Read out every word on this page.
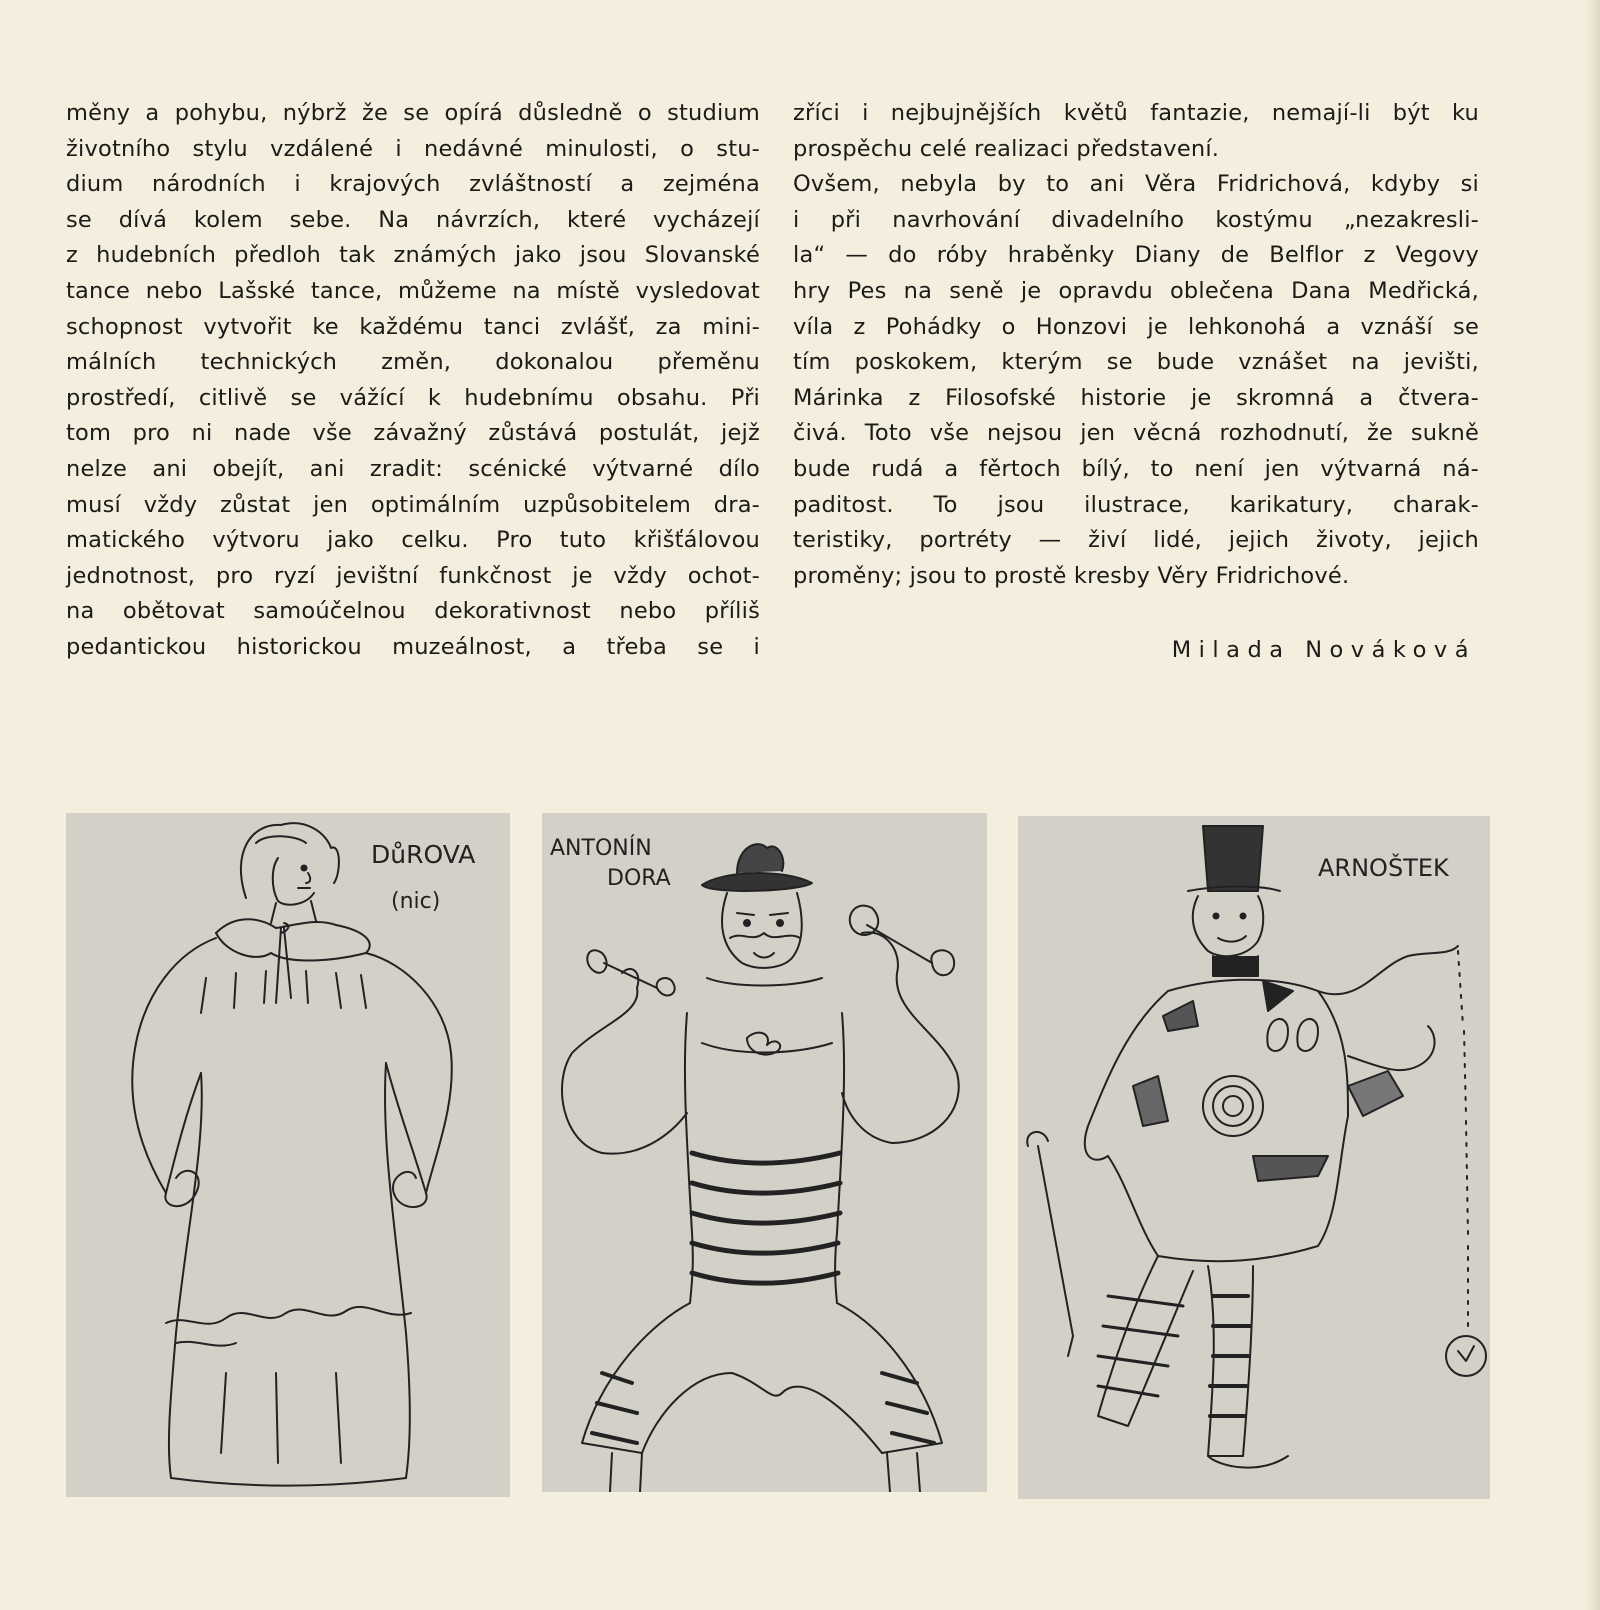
měny a pohybu, nýbrž že se opírá důsledně o studium
životního stylu vzdálené i nedávné minulosti, o stu-
dium národních i krajových zvláštností a zejména
se dívá kolem sebe. Na návrzích, které vycházejí
z hudebních předloh tak známých jako jsou Slovanské
tance nebo Lašské tance, můžeme na místě vysledovat
schopnost vytvořit ke každému tanci zvlášť, za mini-
málních technických změn, dokonalou přeměnu
prostředí, citlivě se vážící k hudebnímu obsahu. Při
tom pro ni nade vše závažný zůstává postulát, jejž
nelze ani obejít, ani zradit: scénické výtvarné dílo
musí vždy zůstat jen optimálním uzpůsobitelem dra-
matického výtvoru jako celku. Pro tuto křišťálovou
jednotnost, pro ryzí jevištní funkčnost je vždy ochot-
na obětovat samoúčelnou dekorativnost nebo příliš
pedantickou historickou muzeálnost, a třeba se i
zříci i nejbujnějších květů fantazie, nemají-li být ku
prospěchu celé realizaci představení.
Ovšem, nebyla by to ani Věra Fridrichová, kdyby si
i při navrhování divadelního kostýmu „nezakresli-
la“ — do róby hraběnky Diany de Belflor z Vegovy
hry Pes na seně je opravdu oblečena Dana Medřická,
víla z Pohádky o Honzovi je lehkonohá a vznáší se
tím poskokem, kterým se bude vznášet na jevišti,
Márinka z Filosofské historie je skromná a čtvera-
čivá. Toto vše nejsou jen věcná rozhodnutí, že sukně
bude rudá a fěrtoch bílý, to není jen výtvarná ná-
paditost. To jsou ilustrace, karikatury, charak-
teristiky, portréty — živí lidé, jejich životy, jejich
proměny; jsou to prostě kresby Věry Fridrichové.
Milada Nováková
DůROVA
(nic)
ANTONÍN
DORA	ARNOŠTEK
